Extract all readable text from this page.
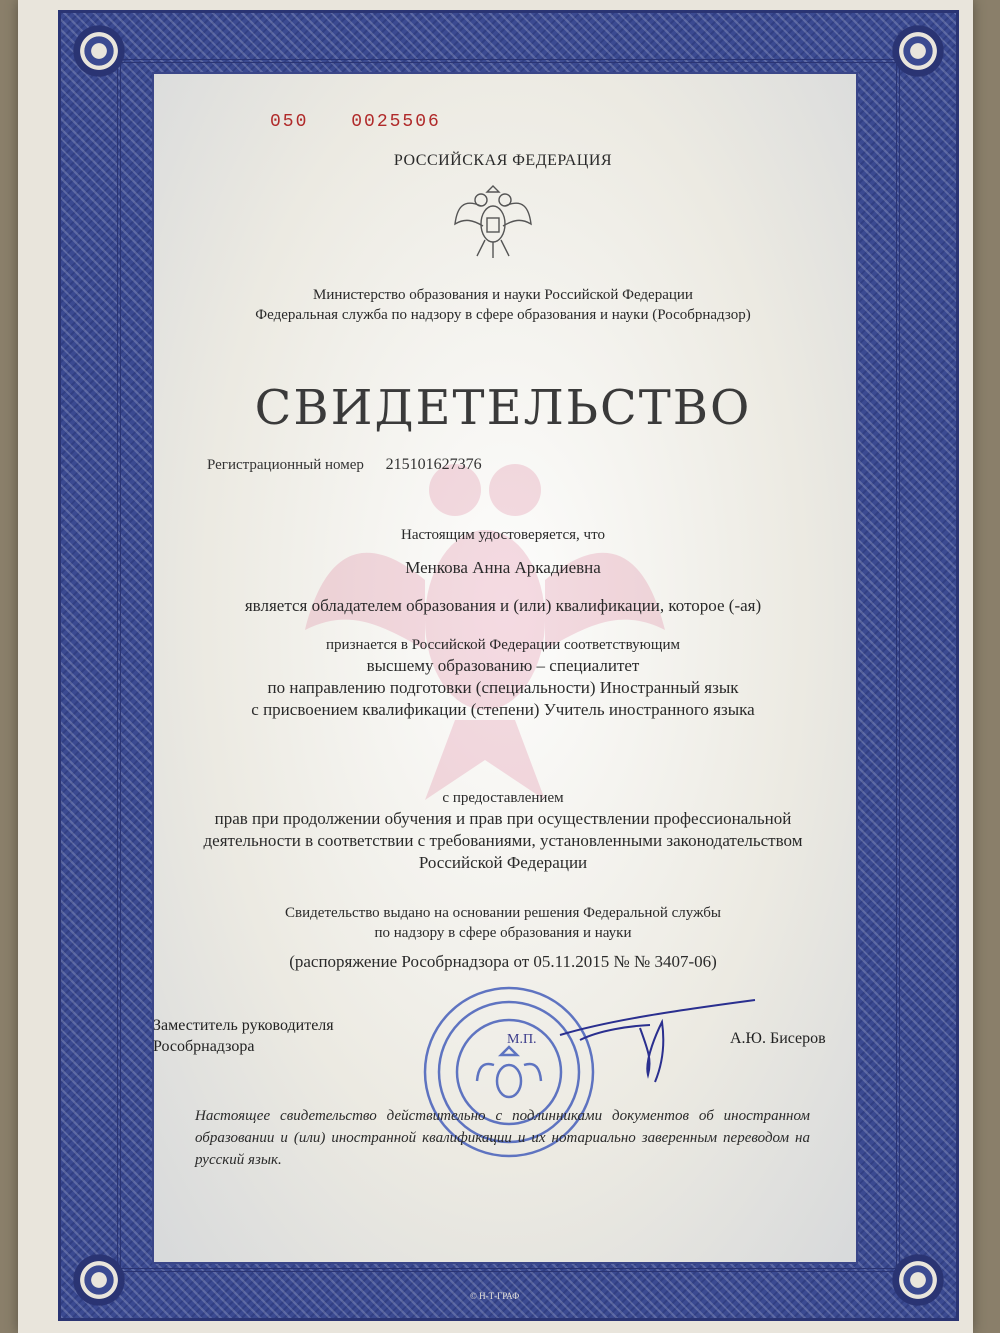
050 0025506
РОССИЙСКАЯ ФЕДЕРАЦИЯ
Министерство образования и науки Российской Федерации
Федеральная служба по надзору в сфере образования и науки (Рособрнадзор)
СВИДЕТЕЛЬСТВО
Регистрационный номер 215101627376
Настоящим удостоверяется, что
Менкова Анна Аркадиевна
является обладателем образования и (или) квалификации, которое (-ая)
признается в Российской Федерации соответствующим
высшему образованию – специалитет
по направлению подготовки (специальности) Иностранный язык
с присвоением квалификации (степени) Учитель иностранного языка
с предоставлением
прав при продолжении обучения и прав при осуществлении профессиональной
деятельности в соответствии с требованиями, установленными законодательством
Российской Федерации
Свидетельство выдано на основании решения Федеральной службы
по надзору в сфере образования и науки
(распоряжение Рособрнадзора от 05.11.2015 № № 3407-06)
Заместитель руководителя
Рособрнадзора	М.П.	А.Ю. Бисеров
Настоящее свидетельство действительно с подлинниками документов об иностранном образовании и (или) иностранной квалификации и их нотариально заверенным переводом на русский язык.
© Н-Т-ГРАФ
